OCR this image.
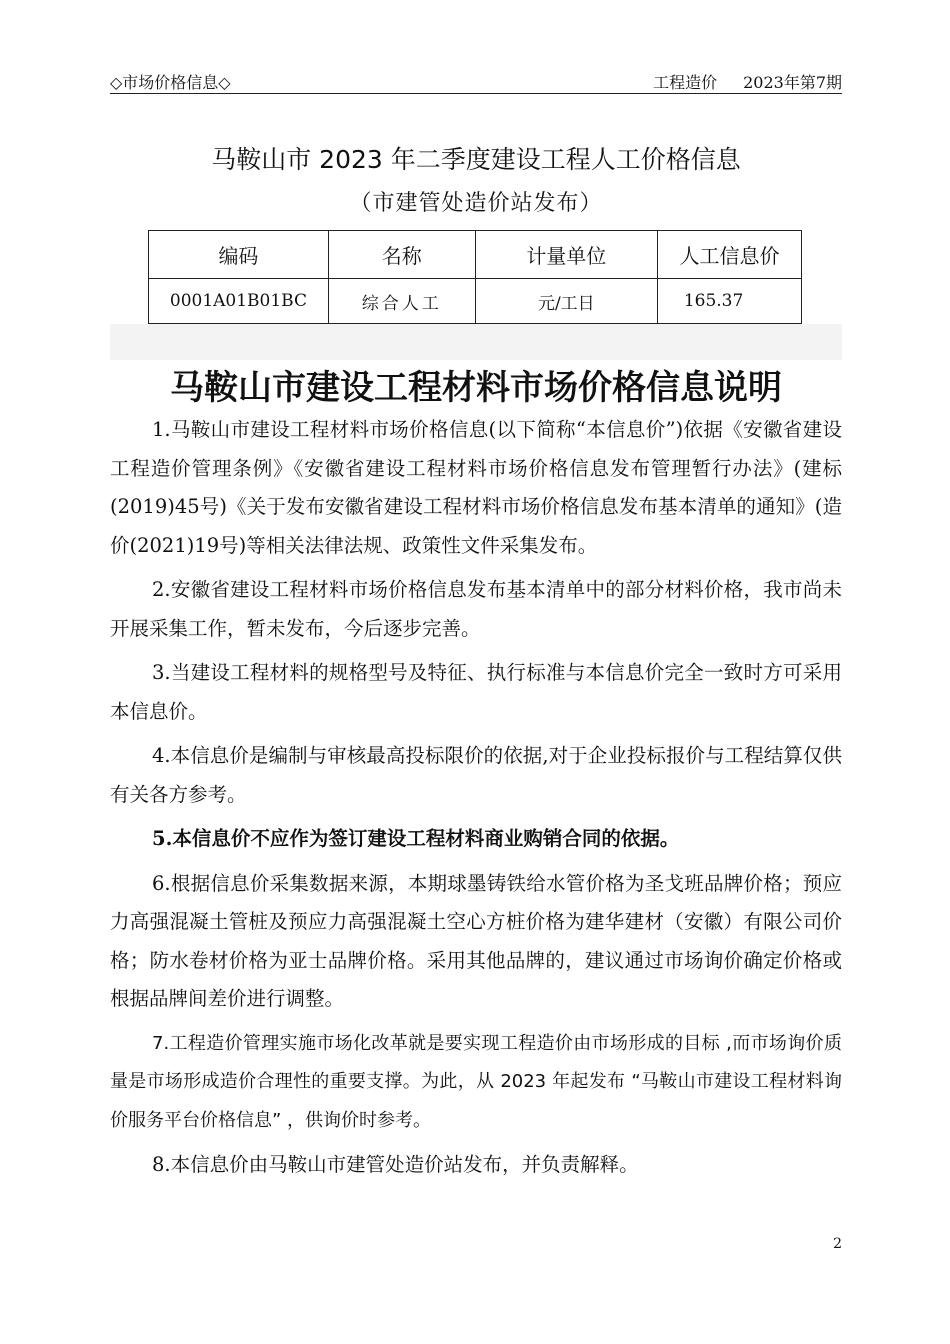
◇市场价格信息◇	工程造价 2023年第7期
马鞍山市 2023 年二季度建设工程人工价格信息
（市建管处造价站发布）
编码	名称	计量单位	人工信息价
0001A01B01BC	综合人工	元/工日	165.37
马鞍山市建设工程材料市场价格信息说明

1.马鞍山市建设工程材料市场价格信息(以下简称“本信息价”)依据《安徽省建设工程造价管理条例》《安徽省建设工程材料市场价格信息发布管理暂行办法》(建标(2019)45号)《关于发布安徽省建设工程材料市场价格信息发布基本清单的通知》(造价(2021)19号)等相关法律法规、政策性文件采集发布。

2.安徽省建设工程材料市场价格信息发布基本清单中的部分材料价格，我市尚未开展采集工作，暂未发布，今后逐步完善。

3.当建设工程材料的规格型号及特征、执行标准与本信息价完全一致时方可采用本信息价。

4.本信息价是编制与审核最高投标限价的依据,对于企业投标报价与工程结算仅供有关各方参考。

5.本信息价不应作为签订建设工程材料商业购销合同的依据。

6.根据信息价采集数据来源，本期球墨铸铁给水管价格为圣戈班品牌价格；预应力高强混凝土管桩及预应力高强混凝土空心方桩价格为建华建材（安徽）有限公司价格；防水卷材价格为亚士品牌价格。采用其他品牌的，建议通过市场询价确定价格或根据品牌间差价进行调整。

7.工程造价管理实施市场化改革就是要实现工程造价由市场形成的目标 ,而市场询价质量是市场形成造价合理性的重要支撑。为此，从 2023 年起发布 “马鞍山市建设工程材料询价服务平台价格信息” ，供询价时参考。

8.本信息价由马鞍山市建管处造价站发布，并负责解释。

2
